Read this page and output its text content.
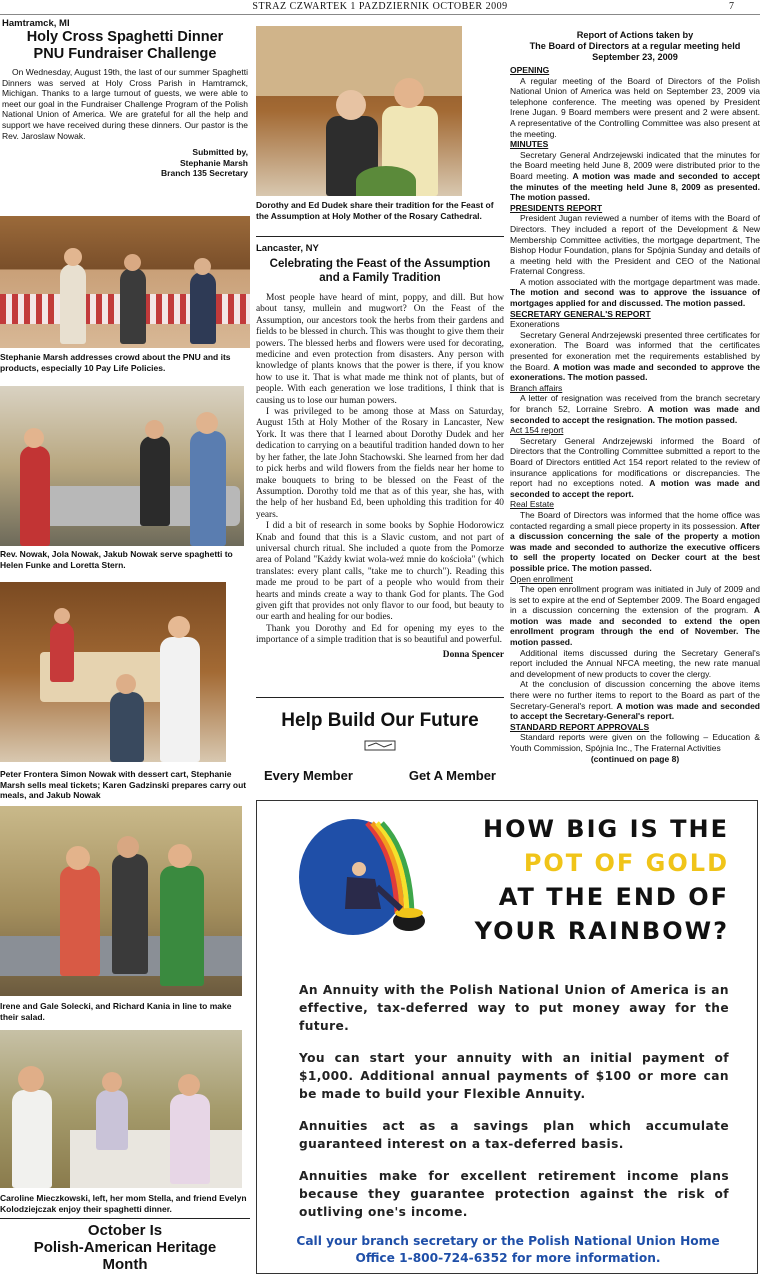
STRAZ CZWARTEK 1 PAZDZIERNIK OCTOBER 2009	7
Hamtramck, MI
Holy Cross Spaghetti Dinner
PNU Fundraiser Challenge

On Wednesday, August 19th, the last of our summer Spaghetti Dinners was served at Holy Cross Parish in Hamtramck, Michigan. Thanks to a large turnout of guests, we were able to meet our goal in the Fundraiser Challenge Program of the Polish National Union of America. We are grateful for all the help and support we have received during these dinners. Our pastor is the Rev. Jaroslaw Nowak.

Submitted by,
Stephanie Marsh
Branch 135 Secretary
Stephanie Marsh addresses crowd about the PNU and its products, especially 10 Pay Life Policies.
Rev. Nowak, Jola Nowak, Jakub Nowak serve spaghetti to Helen Funke and Loretta Stern.
Peter Frontera Simon Nowak with dessert cart, Stephanie Marsh sells meal tickets; Karen Gadzinski prepares carry out meals, and Jakub Nowak
Irene and Gale Solecki, and Richard Kania in line to make their salad.
Caroline Mieczkowski, left, her mom Stella, and friend Evelyn Kolodziejczak enjoy their spaghetti dinner.
October Is
Polish-American Heritage
Month
Dorothy and Ed Dudek share their tradition for the Feast of the Assumption at Holy Mother of the Rosary Cathedral.
Lancaster, NY
Celebrating the Feast of the Assumption
and a Family Tradition

Most people have heard of mint, poppy, and dill. But how about tansy, mullein and mugwort? On the Feast of the Assumption, our ancestors took the herbs from their gardens and fields to be blessed in church. This was thought to give them their powers. The blessed herbs and flowers were used for decorating, medicine and even protection from disasters. Any person with knowledge of plants knows that the power is there, if you know how to use it. That is what made me think not of plants, but of people. With each generation we lose traditions, I think that is causing us to lose our human powers.

I was privileged to be among those at Mass on Saturday, August 15th at Holy Mother of the Rosary in Lancaster, New York. It was there that I learned about Dorothy Dudek and her dedication to carrying on a beautiful tradition handed down to her by her father, the late John Stachowski. She learned from her dad to pick herbs and wild flowers from the fields near her home to make bouquets to bring to be blessed on the Feast of the Assumption. Dorothy told me that as of this year, she has, with the help of her husband Ed, been upholding this tradition for 40 years.

I did a bit of research in some books by Sophie Hodorowicz Knab and found that this is a Slavic custom, and not part of universal church ritual. She included a quote from the Pomorze area of Poland "Każdy kwiat wola-weź mnie do kościoła" (which translates: every plant calls, "take me to church"). Reading this made me proud to be part of a people who would from their hearts and minds create a way to thank God for plants. The God given gift that provides not only flavor to our food, but beauty to our earth and healing for our bodies.

Thank you Dorothy and Ed for opening my eyes to the importance of a simple tradition that is so beautiful and powerful.

Donna Spencer
Help Build Our Future
Every Member	Get A Member
Report of Actions taken by
The Board of Directors at a regular meeting held
September 23, 2009
OPENING

A regular meeting of the Board of Directors of the Polish National Union of America was held on September 23, 2009 via telephone conference. The meeting was opened by President Irene Jugan. 9 Board members were present and 2 were absent. A representative of the Controlling Committee was also present at the meeting.

MINUTES

Secretary General Andrzejewski indicated that the minutes for the Board meeting held June 8, 2009 were distributed prior to the Board meeting. A motion was made and seconded to accept the minutes of the meeting held June 8, 2009 as presented. The motion passed.

PRESIDENTS REPORT

President Jugan reviewed a number of items with the Board of Directors. They included a report of the Development & New Membership Committee activities, the mortgage department, The Bishop Hodur Foundation, plans for Spójnia Sunday and details of a meeting held with the President and CEO of the National Fraternal Congress.

A motion associated with the mortgage department was made. The motion and second was to approve the issuance of mortgages applied for and discussed. The motion passed.

SECRETARY GENERAL'S REPORT
Exonerations

Secretary General Andrzejewski presented three certificates for exoneration. The Board was informed that the certificates presented for exoneration met the requirements established by the Board. A motion was made and seconded to approve the exonerations. The motion passed.

Branch affairs

A letter of resignation was received from the branch secretary for branch 52, Lorraine Srebro. A motion was made and seconded to accept the resignation. The motion passed.

Act 154 report

Secretary General Andrzejewski informed the Board of Directors that the Controlling Committee submitted a report to the Board of Directors entitled Act 154 report related to the review of insurance applications for modifications or discrepancies. The report had no exceptions noted. A motion was made and seconded to accept the report.

Real Estate

The Board of Directors was informed that the home office was contacted regarding a small piece property in its possession. After a discussion concerning the sale of the property a motion was made and seconded to authorize the executive officers to sell the property located on Decker court at the best possible price. The motion passed.

Open enrollment

The open enrollment program was initiated in July of 2009 and is set to expire at the end of September 2009. The Board engaged in a discussion concerning the extension of the program. A motion was made and seconded to extend the open enrollment program through the end of November. The motion passed.

Additional items discussed during the Secretary General's report included the Annual NFCA meeting, the new rate manual and development of new products to cover the clergy.

At the conclusion of discussion concerning the above items there were no further items to report to the Board as part of the Secretary-General's report. A motion was made and seconded to accept the Secretary-General's report.

STANDARD REPORT APPROVALS

Standard reports were given on the following – Education & Youth Commission, Spójnia Inc., The Fraternal Activities

(continued on page 8)
HOW BIG IS THE
POT OF GOLD
AT THE END OF
YOUR RAINBOW?

An Annuity with the Polish National Union of America is an effective, tax-deferred way to put money away for the future.

You can start your annuity with an initial payment of $1,000. Additional annual payments of $100 or more can be made to build your Flexible Annuity.

Annuities act as a savings plan which accumulate guaranteed interest on a tax-deferred basis.

Annuities make for excellent retirement income plans because they guarantee protection against the risk of outliving one's income.

Call your branch secretary or the Polish National Union Home
Office 1-800-724-6352 for more information.
